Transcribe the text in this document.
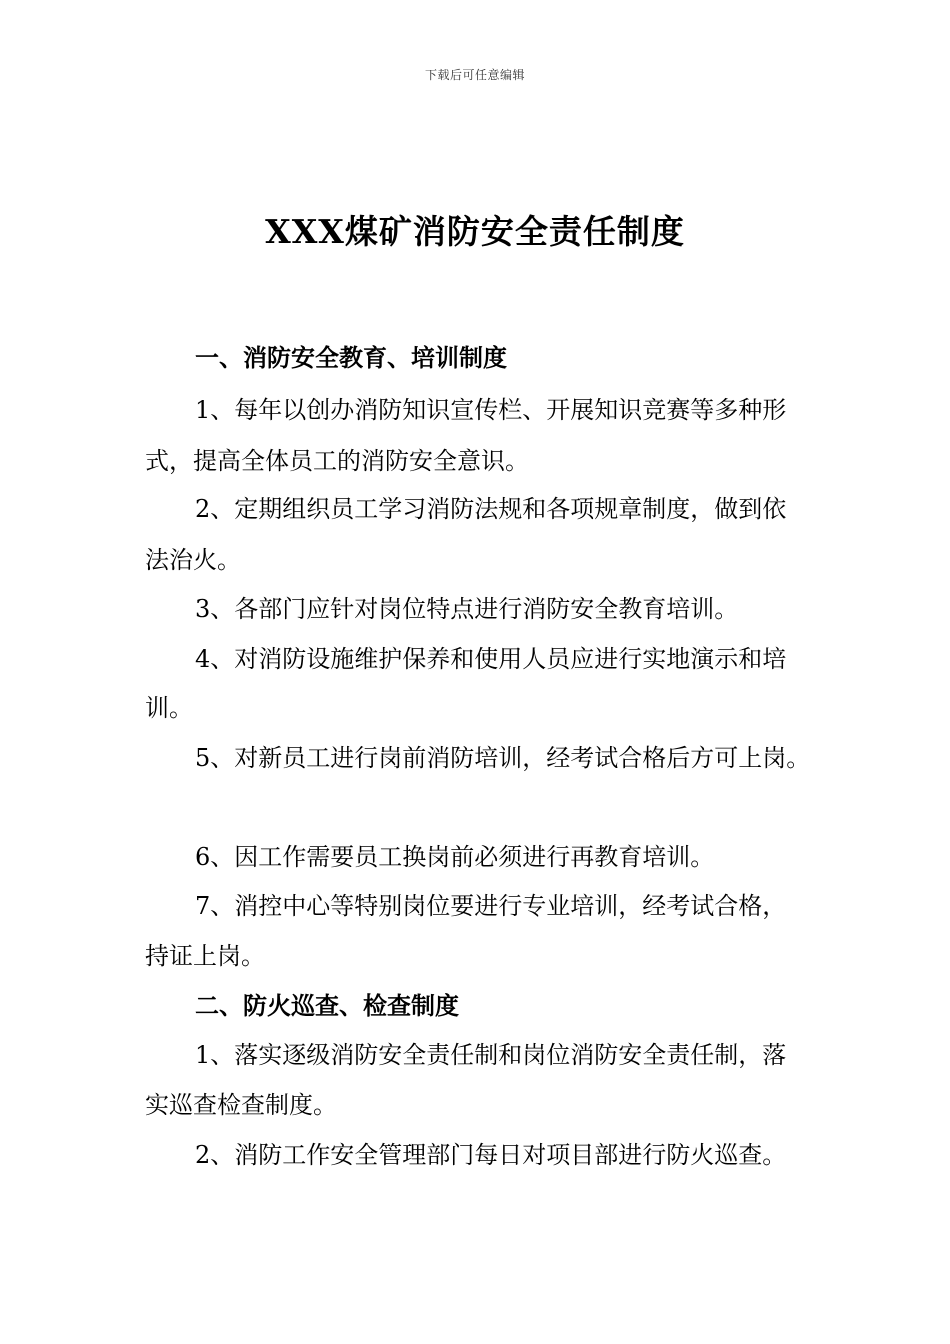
下载后可任意编辑
XXX煤矿消防安全责任制度

一、消防安全教育、培训制度

1、每年以创办消防知识宣传栏、开展知识竞赛等多种形

式，提高全体员工的消防安全意识。

2、定期组织员工学习消防法规和各项规章制度，做到依

法治火。

3、各部门应针对岗位特点进行消防安全教育培训。

4、对消防设施维护保养和使用人员应进行实地演示和培

训。

5、对新员工进行岗前消防培训，经考试合格后方可上岗。

6、因工作需要员工换岗前必须进行再教育培训。

7、消控中心等特别岗位要进行专业培训，经考试合格，

持证上岗。

二、防火巡查、检查制度

1、落实逐级消防安全责任制和岗位消防安全责任制，落

实巡查检查制度。

2、消防工作安全管理部门每日对项目部进行防火巡查。
